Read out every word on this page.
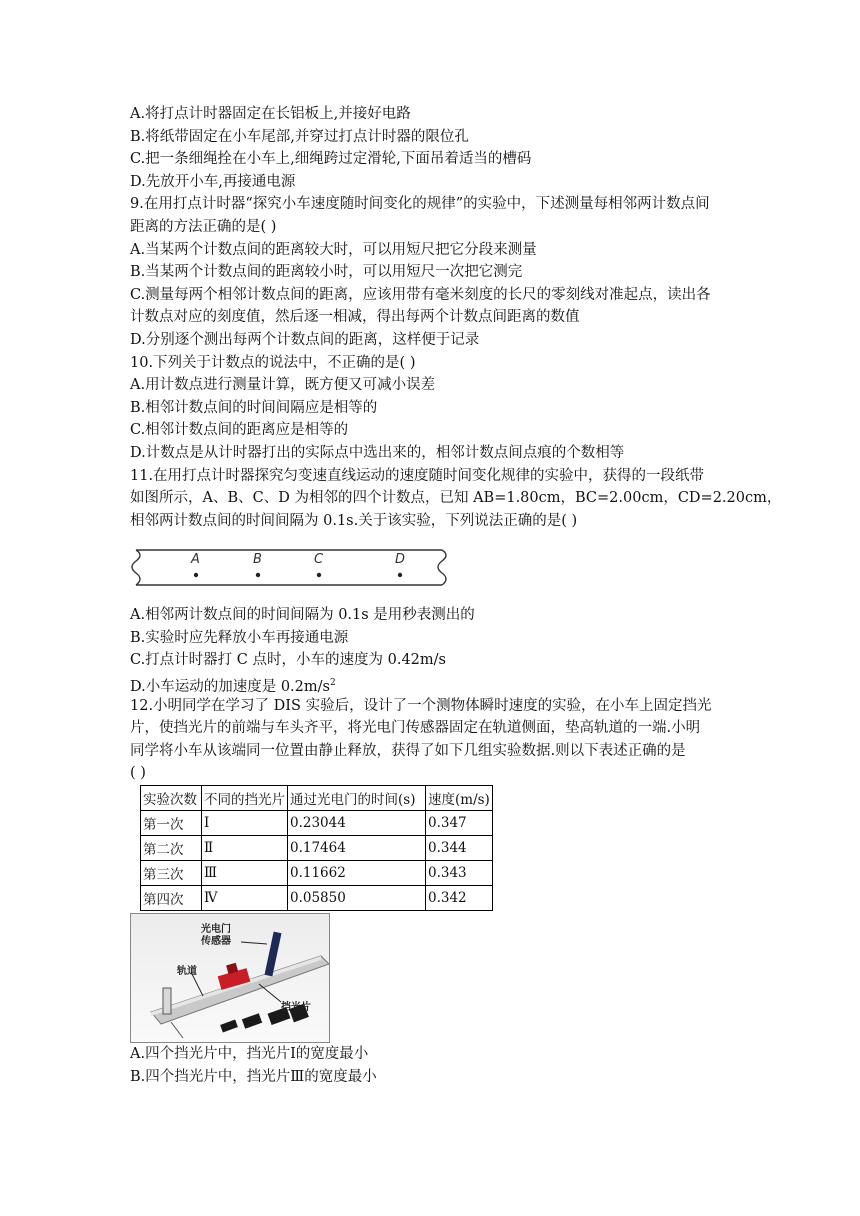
A.将打点计时器固定在长铝板上,并接好电路
B.将纸带固定在小车尾部,并穿过打点计时器的限位孔
C.把一条细绳拴在小车上,细绳跨过定滑轮,下面吊着适当的槽码
D.先放开小车,再接通电源
9.在用打点计时器“探究小车速度随时间变化的规律”的实验中，下述测量每相邻两计数点间
距离的方法正确的是( )
A.当某两个计数点间的距离较大时，可以用短尺把它分段来测量
B.当某两个计数点间的距离较小时，可以用短尺一次把它测完
C.测量每两个相邻计数点间的距离，应该用带有毫米刻度的长尺的零刻线对准起点，读出各
计数点对应的刻度值，然后逐一相减，得出每两个计数点间距离的数值
D.分别逐个测出每两个计数点间的距离，这样便于记录
10.下列关于计数点的说法中，不正确的是( )
A.用计数点进行测量计算，既方便又可减小误差
B.相邻计数点间的时间间隔应是相等的
C.相邻计数点间的距离应是相等的
D.计数点是从计时器打出的实际点中选出来的，相邻计数点间点痕的个数相等
11.在用打点计时器探究匀变速直线运动的速度随时间变化规律的实验中，获得的一段纸带
如图所示，A、B、C、D 为相邻的四个计数点，已知 AB=1.80cm，BC=2.00cm，CD=2.20cm，
相邻两计数点间的时间间隔为 0.1s.关于该实验，下列说法正确的是( )
A	B	C	D
A.相邻两计数点间的时间间隔为 0.1s 是用秒表测出的
B.实验时应先释放小车再接通电源
C.打点计时器打 C 点时，小车的速度为 0.42m/s
D.小车运动的加速度是 $0.2m/s^2$
12.小明同学在学习了 DIS 实验后，设计了一个测物体瞬时速度的实验，在小车上固定挡光
片，使挡光片的前端与车头齐平，将光电门传感器固定在轨道侧面，垫高轨道的一端.小明
同学将小车从该端同一位置由静止释放，获得了如下几组实验数据.则以下表述正确的是
( )
实验次数	不同的挡光片	通过光电门的时间(s)	速度(m/s)
第一次	Ⅰ	0.23044	0.347
第二次	Ⅱ	0.17464	0.344
第三次	Ⅲ	0.11662	0.343
第四次	Ⅳ	0.05850	0.342
光电门
传感器
轨道
挡光片
A.四个挡光片中，挡光片Ⅰ的宽度最小
B.四个挡光片中，挡光片Ⅲ的宽度最小
